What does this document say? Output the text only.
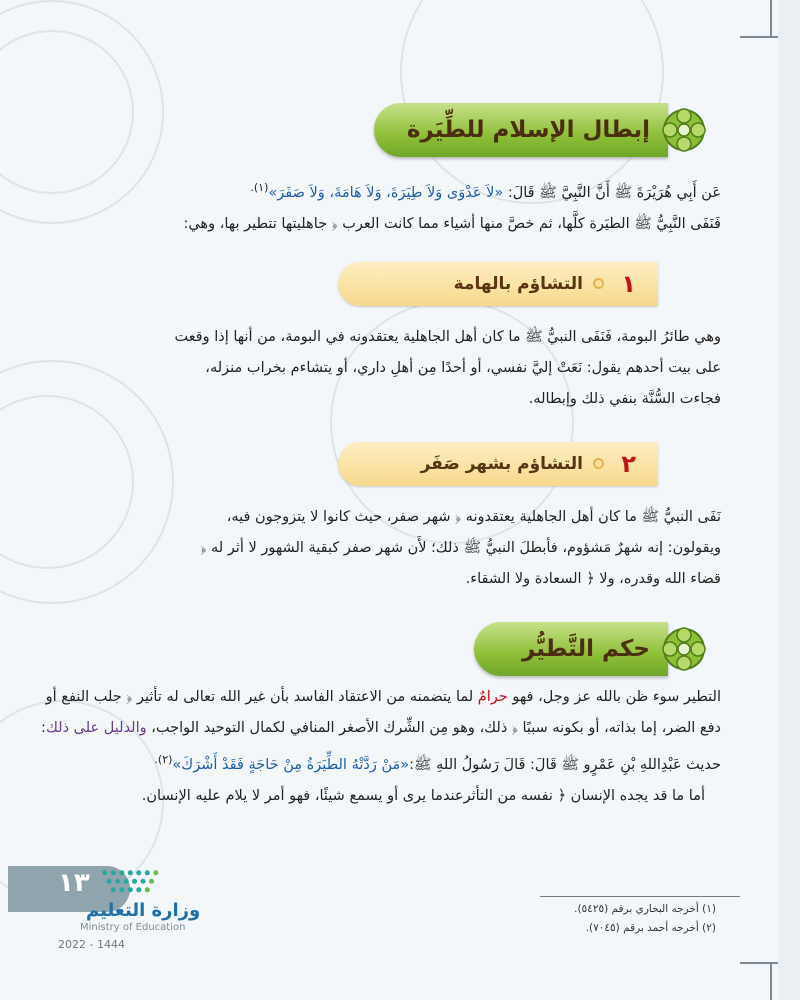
إبطال الإسلام للطِّيَرة

عَن أَبِي هُرَيْرَةَ ﷺ أَنَّ النَّبِيَّ ﷺ قَالَ: «لاَ عَدْوَى وَلاَ طِيَرَةَ، وَلاَ هَامَةَ، وَلاَ صَفَرَ»$^{(١).}$

فَنَفَى النَّبِيُّ ﷺ الطيَرة كلَّها، ثم خصَّ منها أشياء مما كانت العرب ﴿ جاهليتها تتطير بها، وهي:

١
التشاؤم بالهامة

وهي طائرُ البومة، فَنَفَى النبيُّ ﷺ ما كان أهل الجاهلية يعتقدونه في البومة، من أنها إذا وقعت

على بيت أحدهم يقول: نَعَتْ إليَّ نفسي، أو أحدًا مِن أهلِ داري، أو يتشاءم بخراب منزله،

فجاءت السُّنَّة بنفي ذلك وإبطاله.

٢
التشاؤم بشهر صَفَر

نَفَى النبيُّ ﷺ ما كان أهل الجاهلية يعتقدونه ﴿ شهر صفر، حيث كانوا لا يتزوجون فيه،

ويقولون: إنه شهرٌ مَشؤوم، فأبطلَ النبيُّ ﷺ ذلك؛ لأَن شهر صفر كبقية الشهور لا أثر له ﴿

قضاء الله وقدره، ولا ﴿ السعادة ولا الشقاء.

حكم التَّطيُّر

التطير سوء ظن بالله عز وجل، فهو حرامٌ لما يتضمنه من الاعتقاد الفاسد بأن غير الله تعالى له تأثير ﴿ جلب النفع أو دفع الضر، إما بذاته، أو بكونه سببًا ﴿ ذلك، وهو مِن الشِّرك الأصغر المنافي لكمال التوحيد الواجب، والدليل على ذلك: حديث عَبْدِاللهِ بْنِ عَمْرٍو ﷺ قَالَ: قَالَ رَسُولُ اللهِ ﷺ:«مَنْ رَدَّتْهُ الطِّيَرَةُ مِنْ حَاجَةٍ فَقَدْ أَشْرَكَ»$^{(٢).}$

أما ما قد يجده الإنسان ﴿ نفسه من التأثرعندما يرى أو يسمع شيئًا، فهو أمر لا يلام عليه الإنسان.

١٣
وزارة التعليم
Ministry of Education
2022 - 1444
(١) أخرجه البخاري برقم (٥٤٢٥).
(٢) أخرجه أحمد برقم (٧٠٤٥).
